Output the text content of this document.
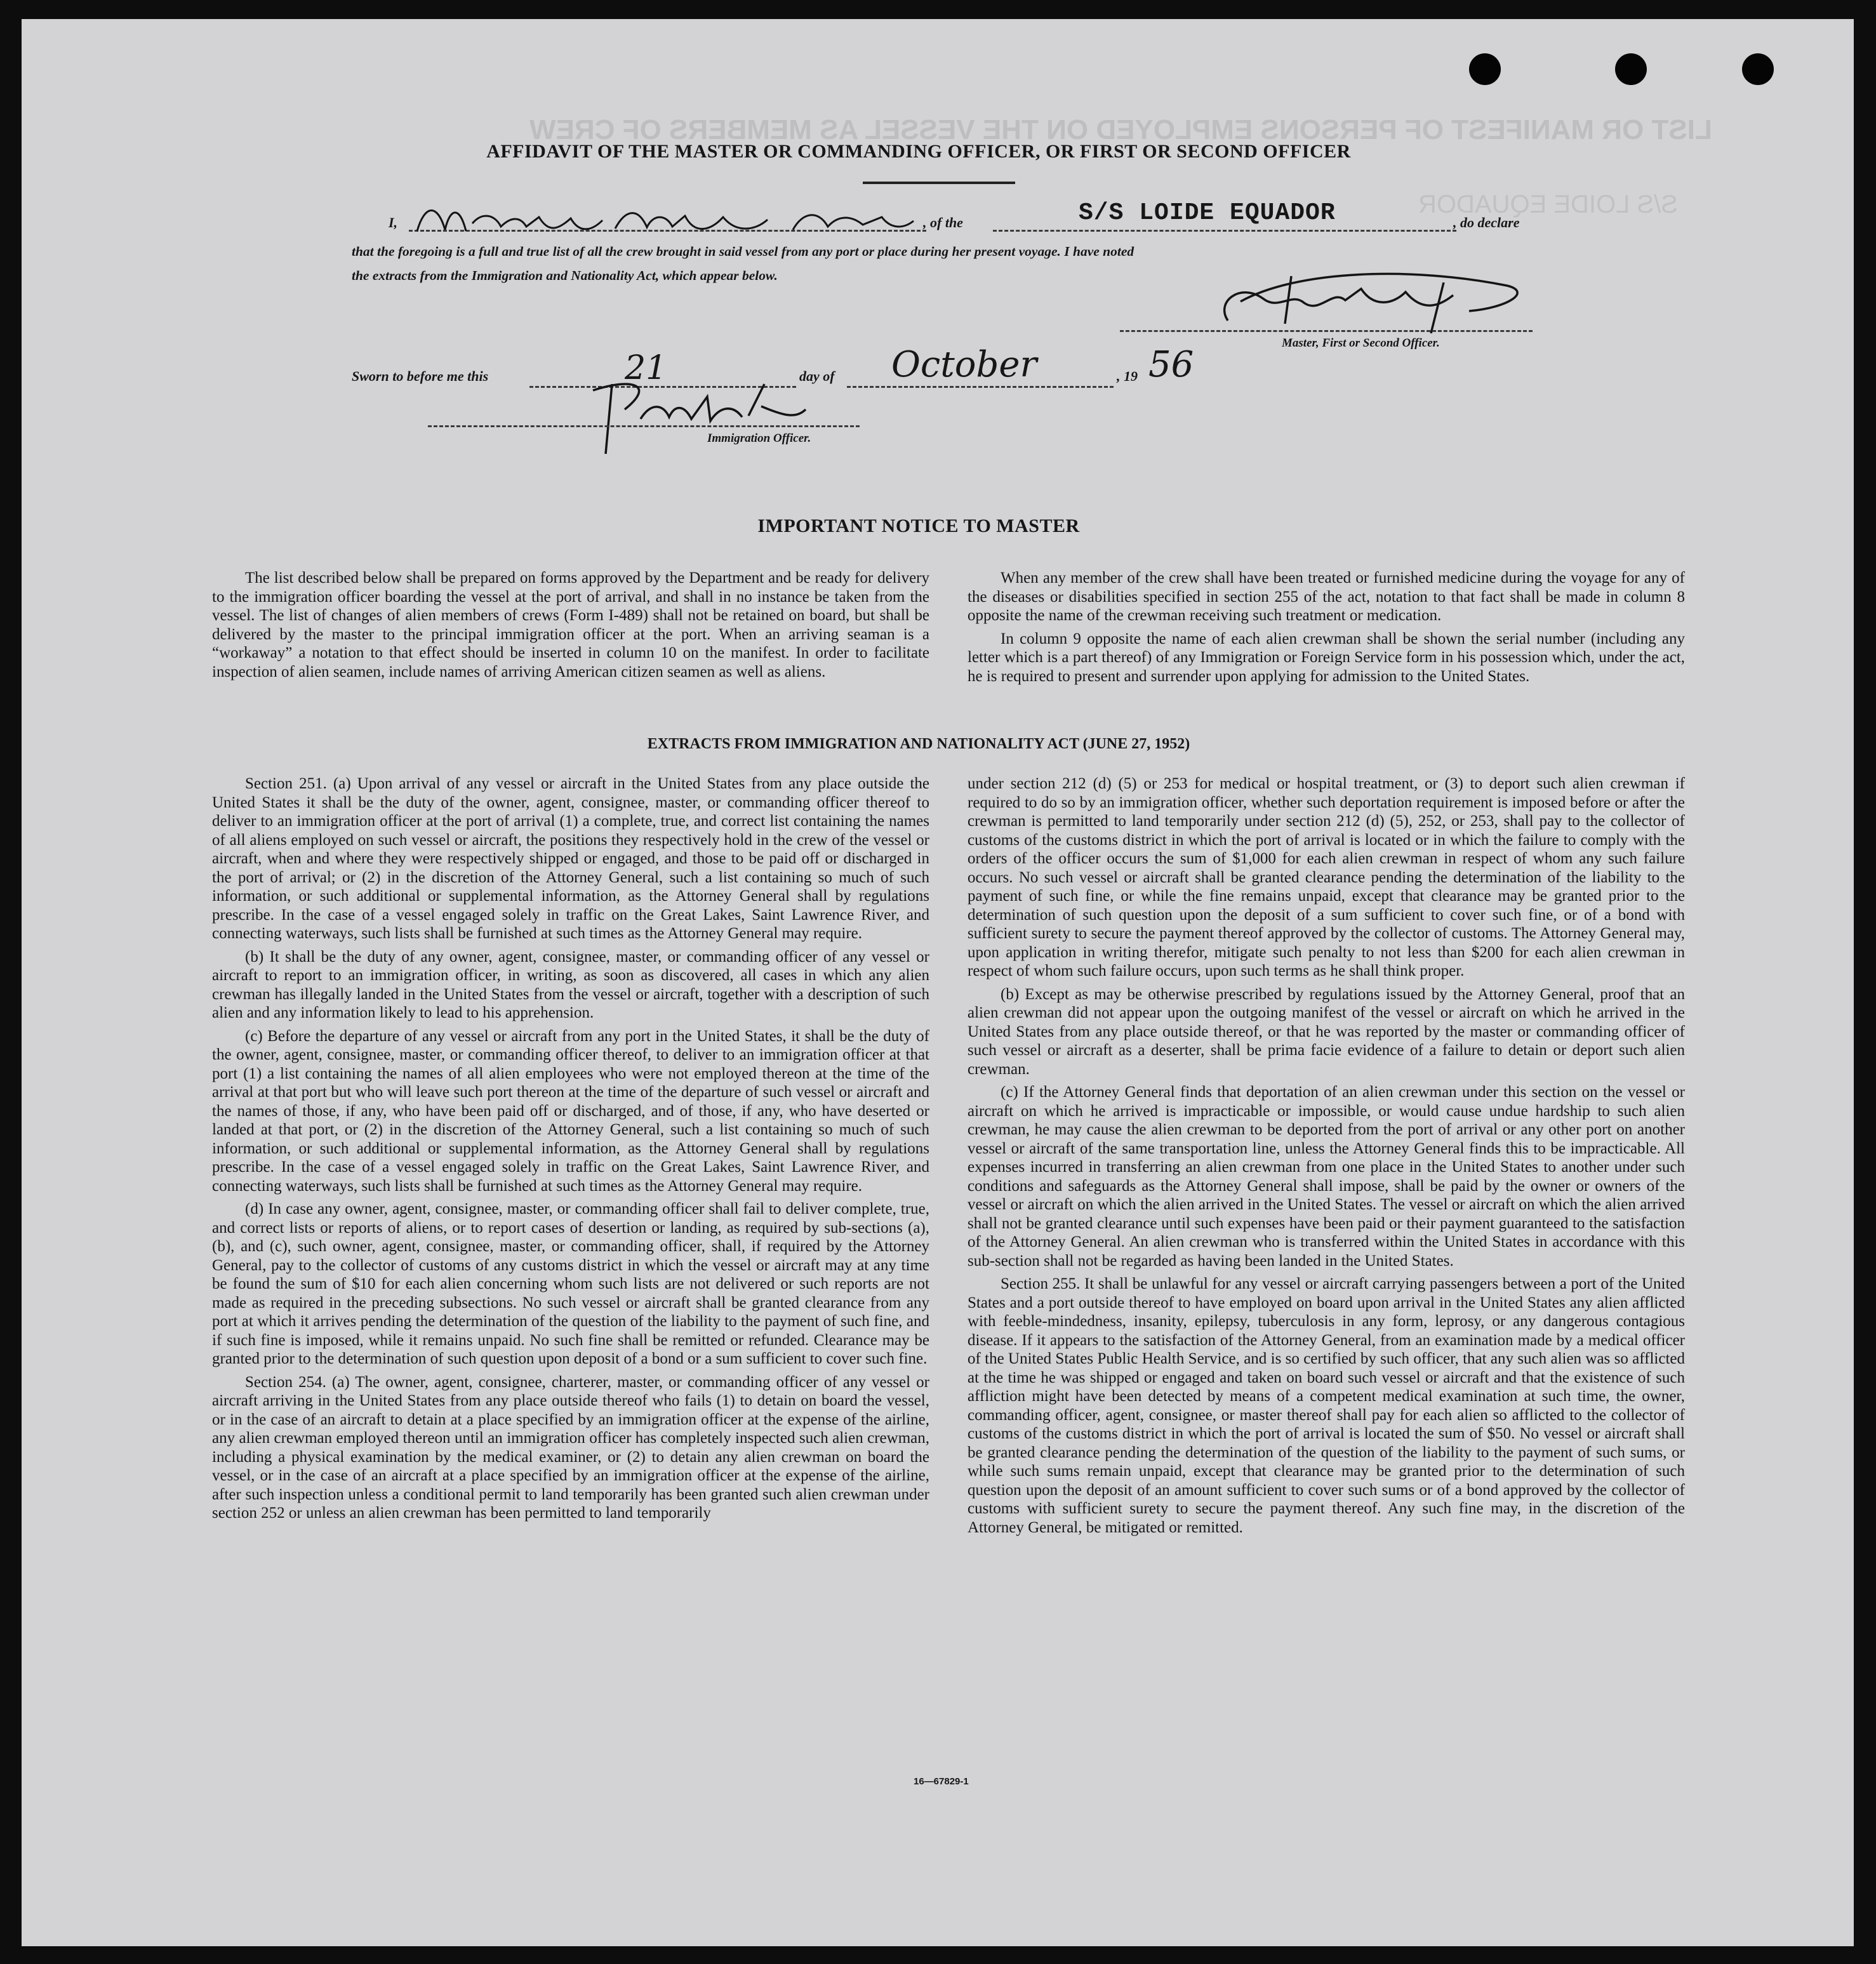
LIST OR MANIFEST OF PERSONS EMPLOYED ON THE VESSEL AS MEMBERS OF CREW
S/S LOIDE EQUADOR
AFFIDAVIT OF THE MASTER OR COMMANDING OFFICER, OR FIRST OR SECOND OFFICER
I,	, of the	S/S LOIDE EQUADOR	, do declare
that the foregoing is a full and true list of all the crew brought in said vessel from any port or place during her present voyage. I have noted
the extracts from the Immigration and Nationality Act, which appear below.
Master, First or Second Officer.
Sworn to before me this	21	day of October	, 19 56
Immigration Officer.
IMPORTANT NOTICE TO MASTER

The list described below shall be prepared on forms approved by the Department and be ready for delivery to the immigration officer boarding the vessel at the port of arrival, and shall in no instance be taken from the vessel. The list of changes of alien members of crews (Form I-489) shall not be retained on board, but shall be delivered by the master to the principal immigration officer at the port. When an arriving seaman is a “workaway” a notation to that effect should be inserted in column 10 on the manifest. In order to facilitate inspection of alien seamen, include names of arriving American citizen seamen as well as aliens.

When any member of the crew shall have been treated or furnished medicine during the voyage for any of the diseases or disabilities specified in section 255 of the act, notation to that fact shall be made in column 8 opposite the name of the crewman receiving such treatment or medication.

In column 9 opposite the name of each alien crewman shall be shown the serial number (including any letter which is a part thereof) of any Immigration or Foreign Service form in his possession which, under the act, he is required to present and surrender upon applying for admission to the United States.

EXTRACTS FROM IMMIGRATION AND NATIONALITY ACT (JUNE 27, 1952)

Section 251. (a) Upon arrival of any vessel or aircraft in the United States from any place outside the United States it shall be the duty of the owner, agent, consignee, master, or commanding officer thereof to deliver to an immigration officer at the port of arrival (1) a complete, true, and correct list containing the names of all aliens employed on such vessel or aircraft, the positions they respectively hold in the crew of the vessel or aircraft, when and where they were respectively shipped or engaged, and those to be paid off or discharged in the port of arrival; or (2) in the discretion of the Attorney General, such a list containing so much of such information, or such additional or supplemental information, as the Attorney General shall by regulations prescribe. In the case of a vessel engaged solely in traffic on the Great Lakes, Saint Lawrence River, and connecting waterways, such lists shall be furnished at such times as the Attorney General may require.

(b) It shall be the duty of any owner, agent, consignee, master, or commanding officer of any vessel or aircraft to report to an immigration officer, in writing, as soon as discovered, all cases in which any alien crewman has illegally landed in the United States from the vessel or aircraft, together with a description of such alien and any information likely to lead to his apprehension.

(c) Before the departure of any vessel or aircraft from any port in the United States, it shall be the duty of the owner, agent, consignee, master, or commanding officer thereof, to deliver to an immigration officer at that port (1) a list containing the names of all alien employees who were not employed thereon at the time of the arrival at that port but who will leave such port thereon at the time of the departure of such vessel or aircraft and the names of those, if any, who have been paid off or discharged, and of those, if any, who have deserted or landed at that port, or (2) in the discretion of the Attorney General, such a list containing so much of such information, or such additional or supplemental information, as the Attorney General shall by regulations prescribe. In the case of a vessel engaged solely in traffic on the Great Lakes, Saint Lawrence River, and connecting waterways, such lists shall be furnished at such times as the Attorney General may require.

(d) In case any owner, agent, consignee, master, or commanding officer shall fail to deliver complete, true, and correct lists or reports of aliens, or to report cases of desertion or landing, as required by sub-sections (a), (b), and (c), such owner, agent, consignee, master, or commanding officer, shall, if required by the Attorney General, pay to the collector of customs of any customs district in which the vessel or aircraft may at any time be found the sum of $10 for each alien concerning whom such lists are not delivered or such reports are not made as required in the preceding subsections. No such vessel or aircraft shall be granted clearance from any port at which it arrives pending the determination of the question of the liability to the payment of such fine, and if such fine is imposed, while it remains unpaid. No such fine shall be remitted or refunded. Clearance may be granted prior to the determination of such question upon deposit of a bond or a sum sufficient to cover such fine.

Section 254. (a) The owner, agent, consignee, charterer, master, or commanding officer of any vessel or aircraft arriving in the United States from any place outside thereof who fails (1) to detain on board the vessel, or in the case of an aircraft to detain at a place specified by an immigration officer at the expense of the airline, any alien crewman employed thereon until an immigration officer has completely inspected such alien crewman, including a physical examination by the medical examiner, or (2) to detain any alien crewman on board the vessel, or in the case of an aircraft at a place specified by an immigration officer at the expense of the airline, after such inspection unless a conditional permit to land temporarily has been granted such alien crewman under section 252 or unless an alien crewman has been permitted to land temporarily

under section 212 (d) (5) or 253 for medical or hospital treatment, or (3) to deport such alien crewman if required to do so by an immigration officer, whether such deportation requirement is imposed before or after the crewman is permitted to land temporarily under section 212 (d) (5), 252, or 253, shall pay to the collector of customs of the customs district in which the port of arrival is located or in which the failure to comply with the orders of the officer occurs the sum of $1,000 for each alien crewman in respect of whom any such failure occurs. No such vessel or aircraft shall be granted clearance pending the determination of the liability to the payment of such fine, or while the fine remains unpaid, except that clearance may be granted prior to the determination of such question upon the deposit of a sum sufficient to cover such fine, or of a bond with sufficient surety to secure the payment thereof approved by the collector of customs. The Attorney General may, upon application in writing therefor, mitigate such penalty to not less than $200 for each alien crewman in respect of whom such failure occurs, upon such terms as he shall think proper.

(b) Except as may be otherwise prescribed by regulations issued by the Attorney General, proof that an alien crewman did not appear upon the outgoing manifest of the vessel or aircraft on which he arrived in the United States from any place outside thereof, or that he was reported by the master or commanding officer of such vessel or aircraft as a deserter, shall be prima facie evidence of a failure to detain or deport such alien crewman.

(c) If the Attorney General finds that deportation of an alien crewman under this section on the vessel or aircraft on which he arrived is impracticable or impossible, or would cause undue hardship to such alien crewman, he may cause the alien crewman to be deported from the port of arrival or any other port on another vessel or aircraft of the same transportation line, unless the Attorney General finds this to be impracticable. All expenses incurred in transferring an alien crewman from one place in the United States to another under such conditions and safeguards as the Attorney General shall impose, shall be paid by the owner or owners of the vessel or aircraft on which the alien arrived in the United States. The vessel or aircraft on which the alien arrived shall not be granted clearance until such expenses have been paid or their payment guaranteed to the satisfaction of the Attorney General. An alien crewman who is transferred within the United States in accordance with this sub-section shall not be regarded as having been landed in the United States.

Section 255. It shall be unlawful for any vessel or aircraft carrying passengers between a port of the United States and a port outside thereof to have employed on board upon arrival in the United States any alien afflicted with feeble-mindedness, insanity, epilepsy, tuberculosis in any form, leprosy, or any dangerous contagious disease. If it appears to the satisfaction of the Attorney General, from an examination made by a medical officer of the United States Public Health Service, and is so certified by such officer, that any such alien was so afflicted at the time he was shipped or engaged and taken on board such vessel or aircraft and that the existence of such affliction might have been detected by means of a competent medical examination at such time, the owner, commanding officer, agent, consignee, or master thereof shall pay for each alien so afflicted to the collector of customs of the customs district in which the port of arrival is located the sum of $50. No vessel or aircraft shall be granted clearance pending the determination of the question of the liability to the payment of such sums, or while such sums remain unpaid, except that clearance may be granted prior to the determination of such question upon the deposit of an amount sufficient to cover such sums or of a bond approved by the collector of customs with sufficient surety to secure the payment thereof. Any such fine may, in the discretion of the Attorney General, be mitigated or remitted.

16—67829-1
